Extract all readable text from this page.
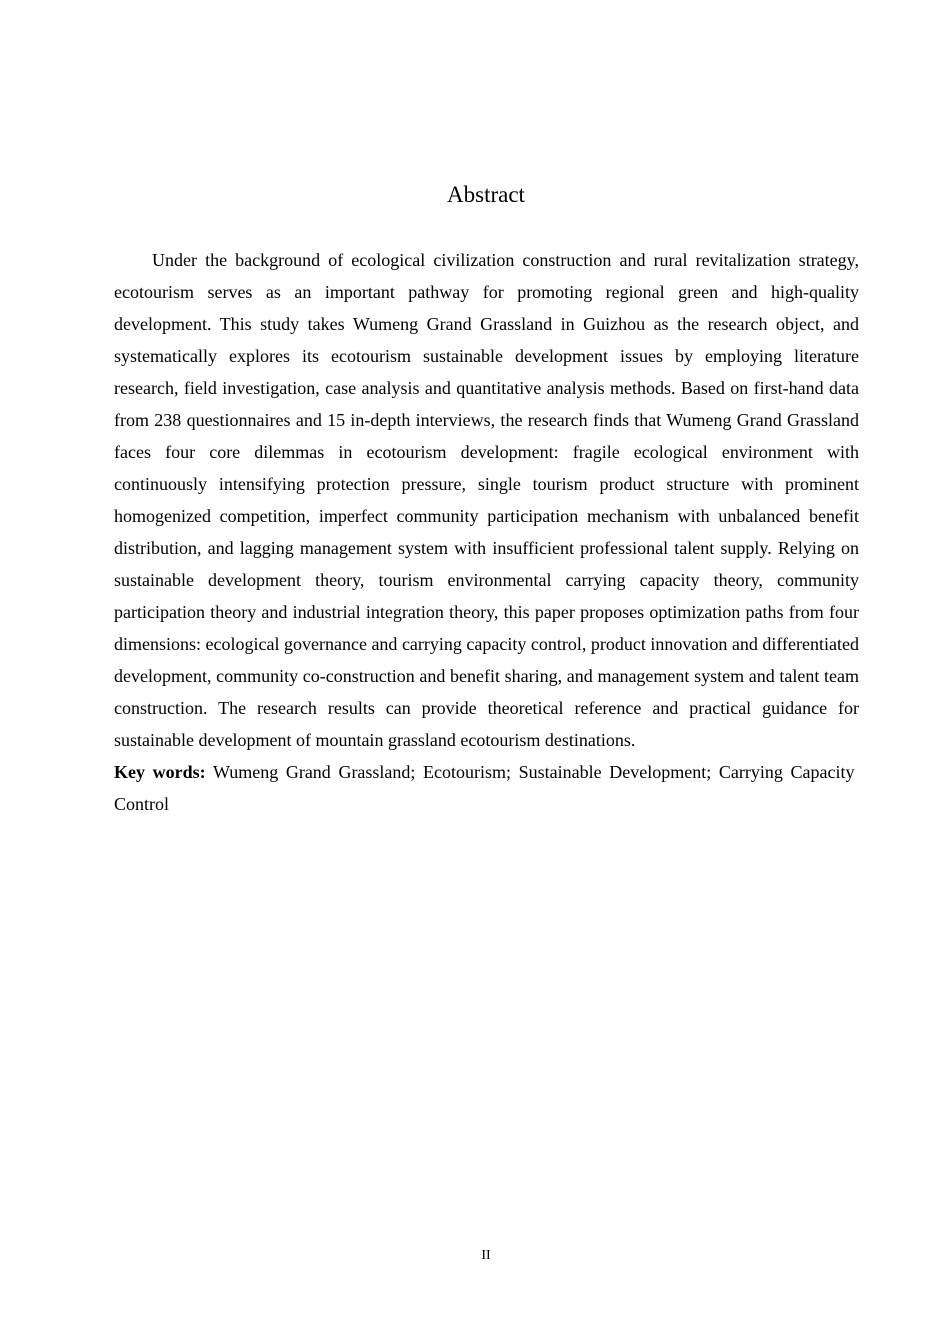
Abstract

Under the background of ecological civilization construction and rural revitalization strategy, ecotourism serves as an important pathway for promoting regional green and high-quality development. This study takes Wumeng Grand Grassland in Guizhou as the research object, and systematically explores its ecotourism sustainable development issues by employing literature research, field investigation, case analysis and quantitative analysis methods. Based on first-hand data from 238 questionnaires and 15 in-depth interviews, the research finds that Wumeng Grand Grassland faces four core dilemmas in ecotourism development: fragile ecological environment with continuously intensifying protection pressure, single tourism product structure with prominent homogenized competition, imperfect community participation mechanism with unbalanced benefit distribution, and lagging management system with insufficient professional talent supply. Relying on sustainable development theory, tourism environmental carrying capacity theory, community participation theory and industrial integration theory, this paper proposes optimization paths from four dimensions: ecological governance and carrying capacity control, product innovation and differentiated development, community co-construction and benefit sharing, and management system and talent team construction. The research results can provide theoretical reference and practical guidance for sustainable development of mountain grassland ecotourism destinations.

Key words: Wumeng Grand Grassland; Ecotourism; Sustainable Development; Carrying Capacity  Control

II
